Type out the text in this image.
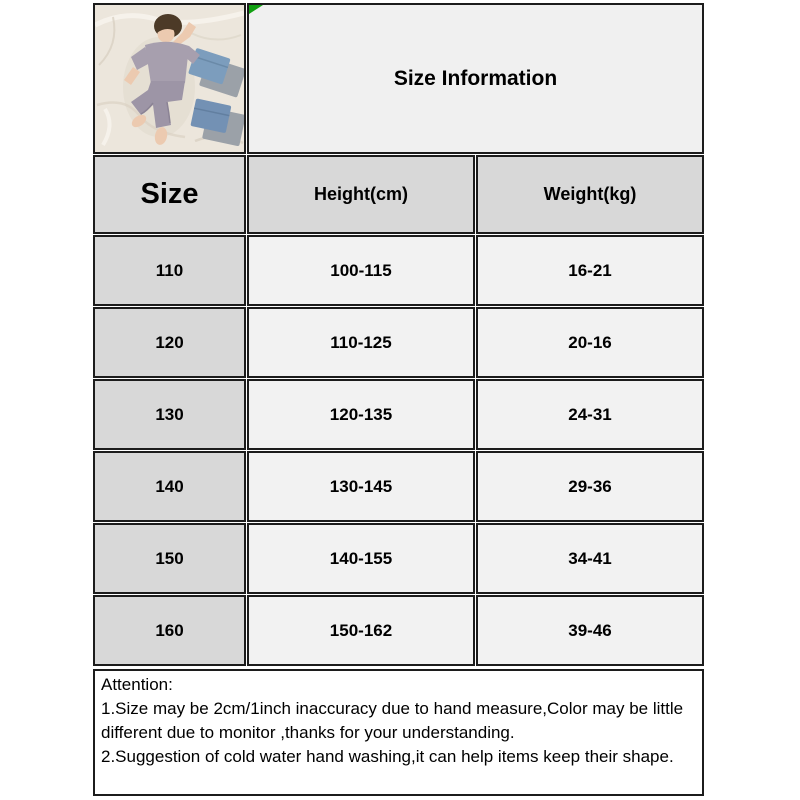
Size Information
Size	Height(cm)	Weight(kg)
110	100-115	16-21
120	110-125	20-16
130	120-135	24-31
140	130-145	29-36
150	140-155	34-41
160	150-162	39-46
Attention:
1.Size may be 2cm/1inch inaccuracy due to hand measure,Color may be little different due to monitor ,thanks for your understanding.
2.Suggestion of cold water hand washing,it can help items keep their shape.
